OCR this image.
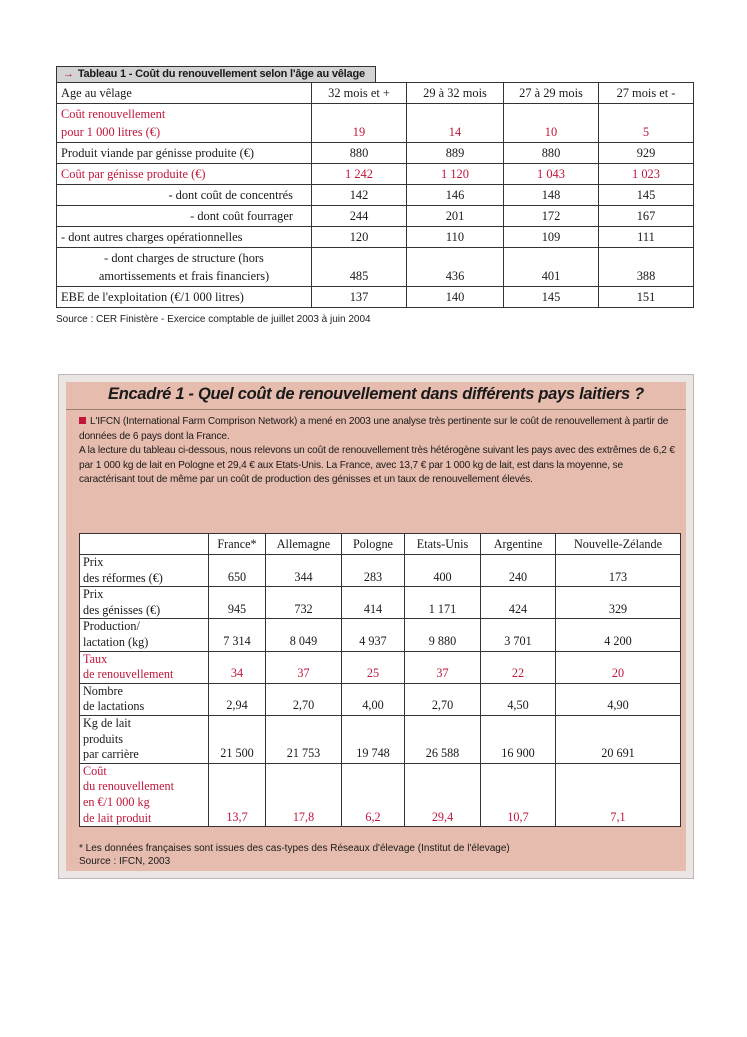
→ Tableau 1 - Coût du renouvellement selon l'âge au vêlage
Age au vêlage	32 mois et +	29 à 32 mois	27 à 29 mois	27 mois et -
Coût renouvellement
pour 1 000 litres (€)	19	14	10	5
Produit viande par génisse produite (€)	880	889	880	929
Coût par génisse produite (€)	1 242	1 120	1 043	1 023
- dont coût de concentrés	142	146	148	145
- dont coût fourrager	244	201	172	167
- dont autres charges opérationnelles	120	110	109	111
- dont charges de structure (hors
amortissements et frais financiers)	485	436	401	388
EBE de l'exploitation (€/1 000 litres)	137	140	145	151
Source : CER Finistère - Exercice comptable de juillet 2003 à juin 2004
Encadré 1 - Quel coût de renouvellement dans différents pays laitiers ?

L'IFCN (International Farm Comprison Network) a mené en 2003 une analyse très pertinente sur le coût de renouvellement à partir de données de 6 pays dont la France.

A la lecture du tableau ci-dessous, nous relevons un coût de renouvellement très hétérogène suivant les pays avec des extrêmes de 6,2 € par 1 000 kg de lait en Pologne et 29,4 € aux Etats-Unis. La France, avec 13,7 € par 1 000 kg de lait, est dans la moyenne, se caractérisant tout de même par un coût de production des génisses et un taux de renouvellement élevés.

	France*	Allemagne	Pologne	Etats-Unis	Argentine	Nouvelle-Zélande
Prix
des réformes (€)	650	344	283	400	240	173
Prix
des génisses (€)	945	732	414	1 171	424	329
Production/
lactation (kg)	7 314	8 049	4 937	9 880	3 701	4 200
Taux
de renouvellement	34	37	25	37	22	20
Nombre
de lactations	2,94	2,70	4,00	2,70	4,50	4,90
Kg de lait
produits
par carrière	21 500	21 753	19 748	26 588	16 900	20 691
Coût
du renouvellement
en €/1 000 kg
de lait produit	13,7	17,8	6,2	29,4	10,7	7,1
* Les données françaises sont issues des cas-types des Réseaux d'élevage (Institut de l'élevage)
Source : IFCN, 2003
